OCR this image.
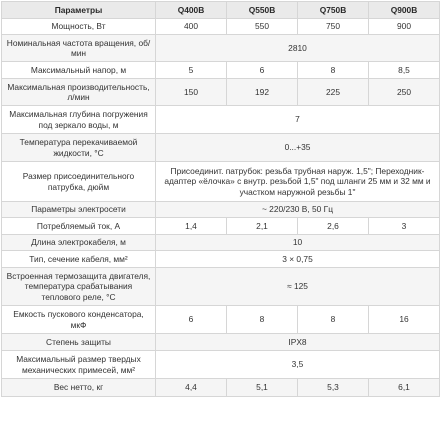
Параметры	Q400B	Q550B	Q750B	Q900B
Мощность, Вт	400	550	750	900
Номинальная частота вращения, об/мин	2810			
Максимальный напор, м	5	6	8	8,5
Максимальная производительность, л/мин	150	192	225	250
Максимальная глубина погружения под зеркало воды, м	7			
Температура перекачиваемой жидкости, °С	0...+35			
Размер присоединительного патрубка, дюйм	Присоединит. патрубок: резьба трубная наруж. 1,5"; Переходник-адаптер «ёлочка» с внутр. резьбой 1,5" под шланги 25 мм и 32 мм и участком наружной резьбы 1"			
Параметры электросети	~ 220/230 В, 50 Гц			
Потребляемый ток, А	1,4	2,1	2,6	3
Длина электрокабеля, м	10			
Тип, сечение кабеля, мм²	3 × 0,75			
Встроенная термозащита двигателя, температура срабатывания теплового реле, °С	≈ 125			
Емкость пускового конденсатора, мкФ	6	8	8	16
Степень защиты	IPX8			
Максимальный размер твердых механических примесей, мм²	3,5			
Вес нетто, кг	4,4	5,1	5,3	6,1
